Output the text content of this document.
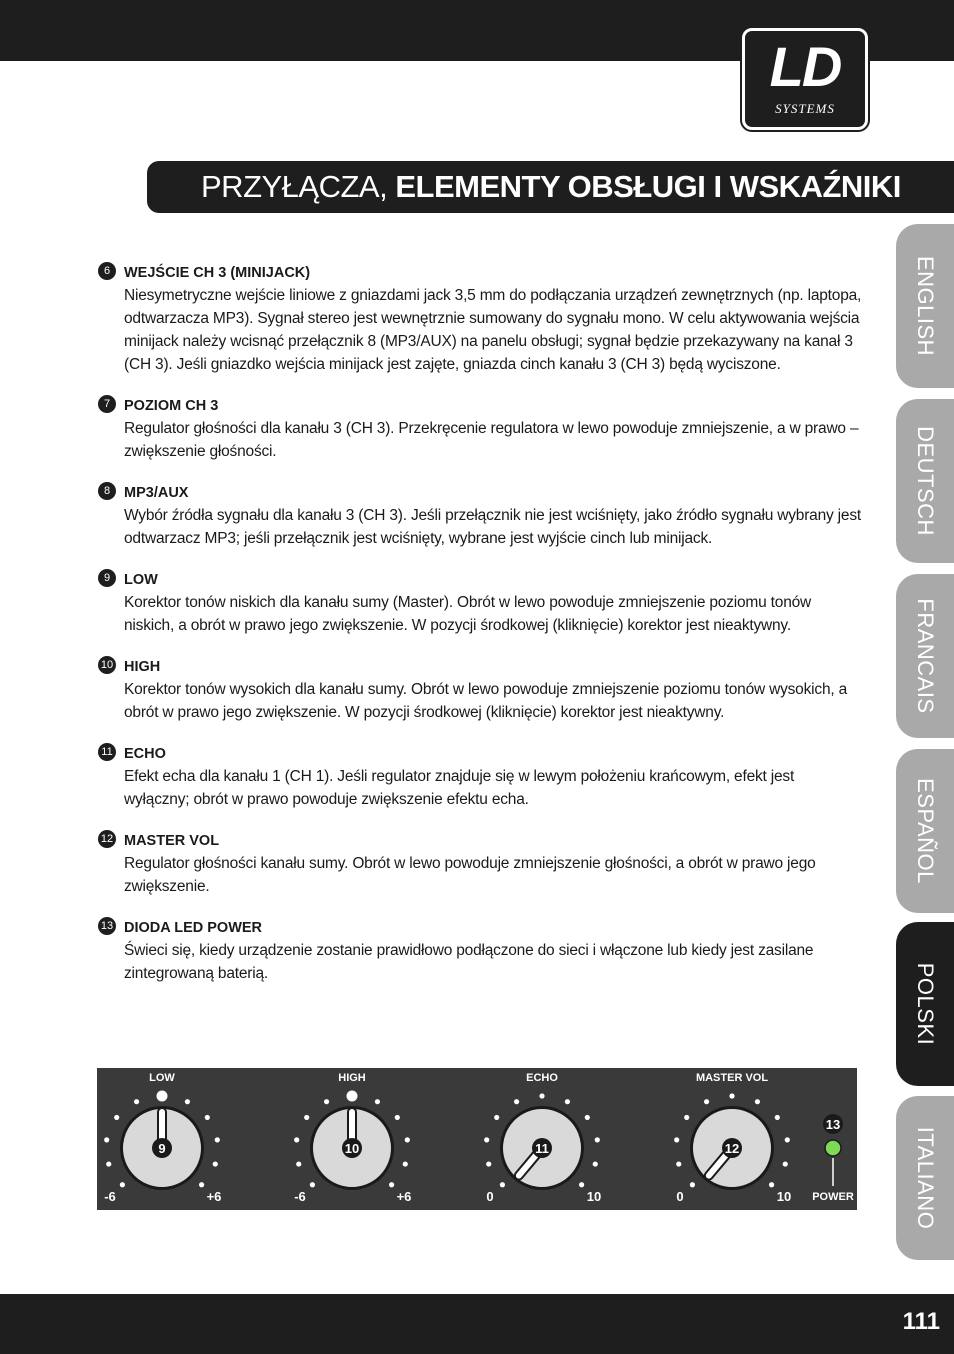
LD
SYSTEMS
PRZYŁĄCZA, ELEMENTY OBSŁUGI I WSKAŹNIKI
ENGLISH
DEUTSCH
FRANCAIS
ESPAÑOL
POLSKI
ITALIANO
6 WEJŚCIE CH 3 (MINIJACK)

Niesymetryczne wejście liniowe z gniazdami jack 3,5 mm do podłączania urządzeń zewnętrznych (np. laptopa, odtwarzacza MP3). Sygnał stereo jest wewnętrznie sumowany do sygnału mono. W celu aktywowania wejścia minijack należy wcisnąć przełącznik 8 (MP3/AUX) na panelu obsługi; sygnał będzie przekazywany na kanał 3 (CH 3). Jeśli gniazdko wejścia minijack jest zajęte, gniazda cinch kanału 3 (CH 3) będą wyciszone.

7 POZIOM CH 3

Regulator głośności dla kanału 3 (CH 3). Przekręcenie regulatora w lewo powoduje zmniejszenie, a w prawo – zwiększenie głośności.

8 MP3/AUX

Wybór źródła sygnału dla kanału 3 (CH 3). Jeśli przełącznik nie jest wciśnięty, jako źródło sygnału wybrany jest odtwarzacz MP3; jeśli przełącznik jest wciśnięty, wybrane jest wyjście cinch lub minijack.

9 LOW

Korektor tonów niskich dla kanału sumy (Master). Obrót w lewo powoduje zmniejszenie poziomu tonów niskich, a obrót w prawo jego zwiększenie. W pozycji środkowej (kliknięcie) korektor jest nieaktywny.

10 HIGH

Korektor tonów wysokich dla kanału sumy. Obrót w lewo powoduje zmniejszenie poziomu tonów wysokich, a obrót w prawo jego zwiększenie. W pozycji środkowej (kliknięcie) korektor jest nieaktywny.

11 ECHO

Efekt echa dla kanału 1 (CH 1). Jeśli regulator znajduje się w lewym położeniu krańcowym, efekt jest wyłączny; obrót w prawo powoduje zwiększenie efektu echa.

12 MASTER VOL

Regulator głośności kanału sumy. Obrót w lewo powoduje zmniejszenie głośności, a obrót w prawo jego zwiększenie.

13 DIODA LED POWER

Świeci się, kiedy urządzenie zostanie prawidłowo podłączone do sieci i włączone lub kiedy jest zasilane zintegrowaną baterią.

LOW
9
-6	+6
HIGH
10
-6	+6
ECHO
11
0	10
MASTER VOL
12
0	10
13
POWER
111
